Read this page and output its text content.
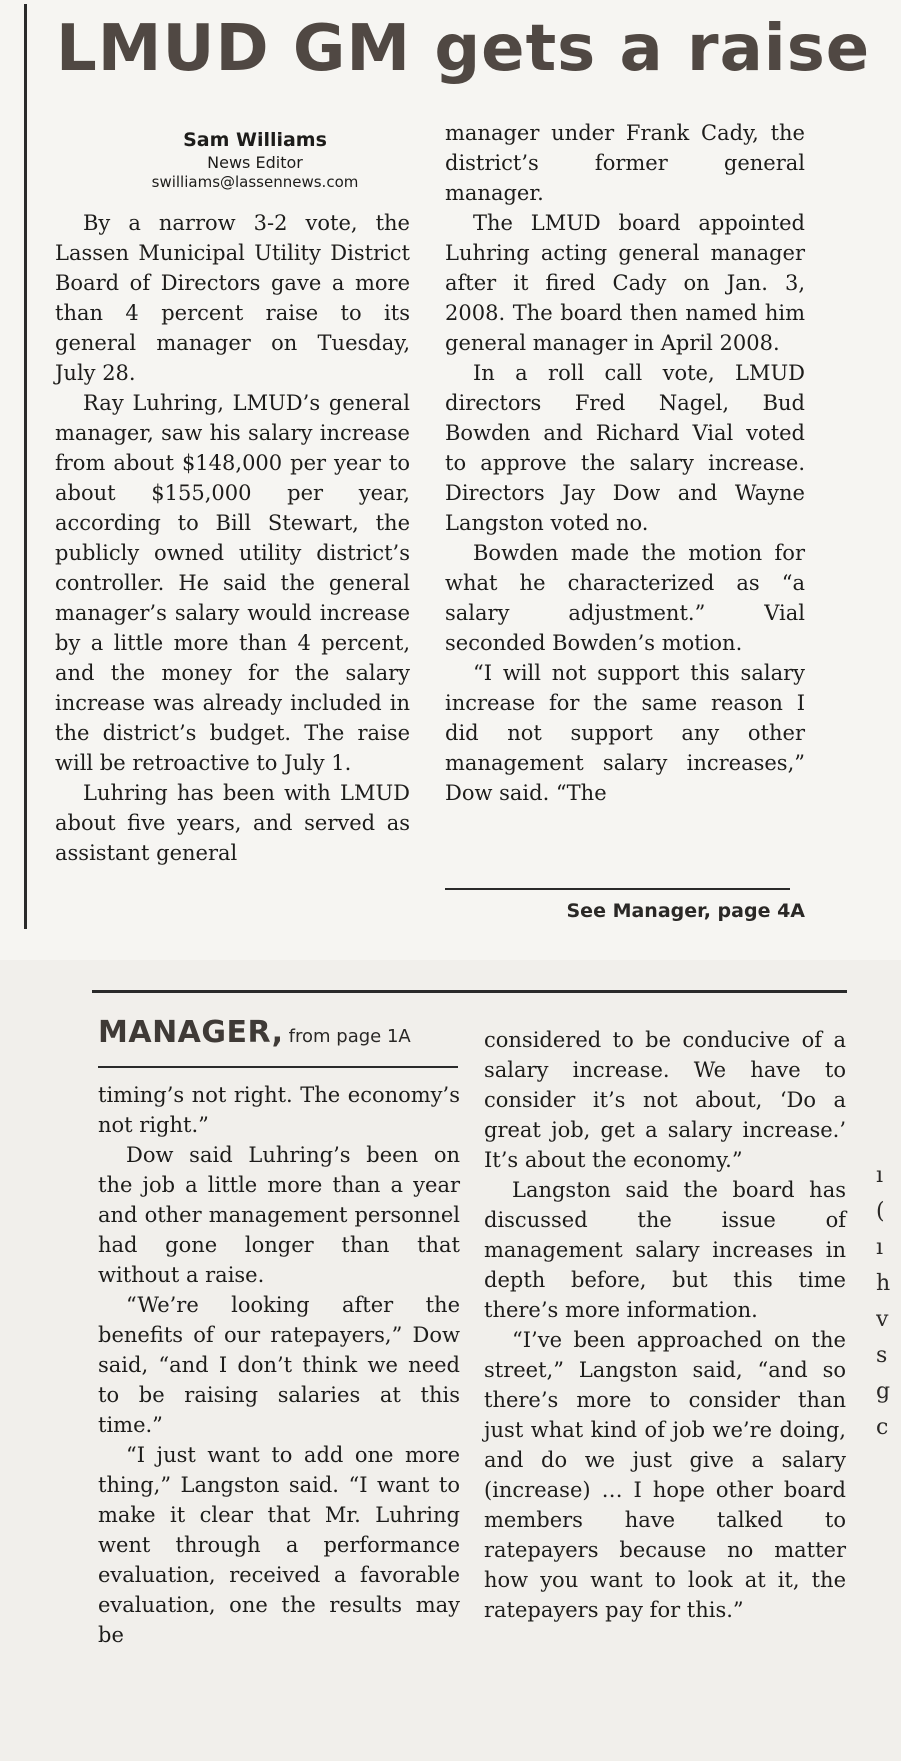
LMUD GM gets a raise
Sam Williams
News Editor
swilliams@lassennews.com

By a narrow 3-2 vote, the Lassen Municipal Utility District Board of Directors gave a more than 4 percent raise to its general manager on Tuesday, July 28.

Ray Luhring, LMUD’s general manager, saw his salary increase from about $148,000 per year to about $155,000 per year, according to Bill Stewart, the publicly owned utility district’s controller. He said the general manager’s salary would increase by a little more than 4 percent, and the money for the salary increase was already included in the district’s budget. The raise will be retroactive to July 1.

Luhring has been with LMUD about five years, and served as assistant general

manager under Frank Cady, the district’s former general manager.

The LMUD board appointed Luhring acting general manager after it fired Cady on Jan. 3, 2008. The board then named him general manager in April 2008.

In a roll call vote, LMUD directors Fred Nagel, Bud Bowden and Richard Vial voted to approve the salary increase. Directors Jay Dow and Wayne Langston voted no.

Bowden made the motion for what he characterized as “a salary adjustment.” Vial seconded Bowden’s motion.

“I will not support this salary increase for the same reason I did not support any other management salary increases,” Dow said. “The

See Manager, page 4A
MANAGER, from page 1A

timing’s not right. The economy’s not right.”

Dow said Luhring’s been on the job a little more than a year and other management personnel had gone longer than that without a raise.

“We’re looking after the benefits of our ratepayers,” Dow said, “and I don’t think we need to be raising salaries at this time.”

“I just want to add one more thing,” Langston said. “I want to make it clear that Mr. Luhring went through a performance evaluation, received a favorable evaluation, one the results may be

considered to be conducive of a salary increase. We have to consider it’s not about, ‘Do a great job, get a salary increase.’ It’s about the economy.”

Langston said the board has discussed the issue of management salary increases in depth before, but this time there’s more information.

“I’ve been approached on the street,” Langston said, “and so there’s more to consider than just what kind of job we’re doing, and do we just give a salary (increase) … I hope other board members have talked to ratepayers because no matter how you want to look at it, the ratepayers pay for this.”

ı
(
ı
h
v
s
g
c
